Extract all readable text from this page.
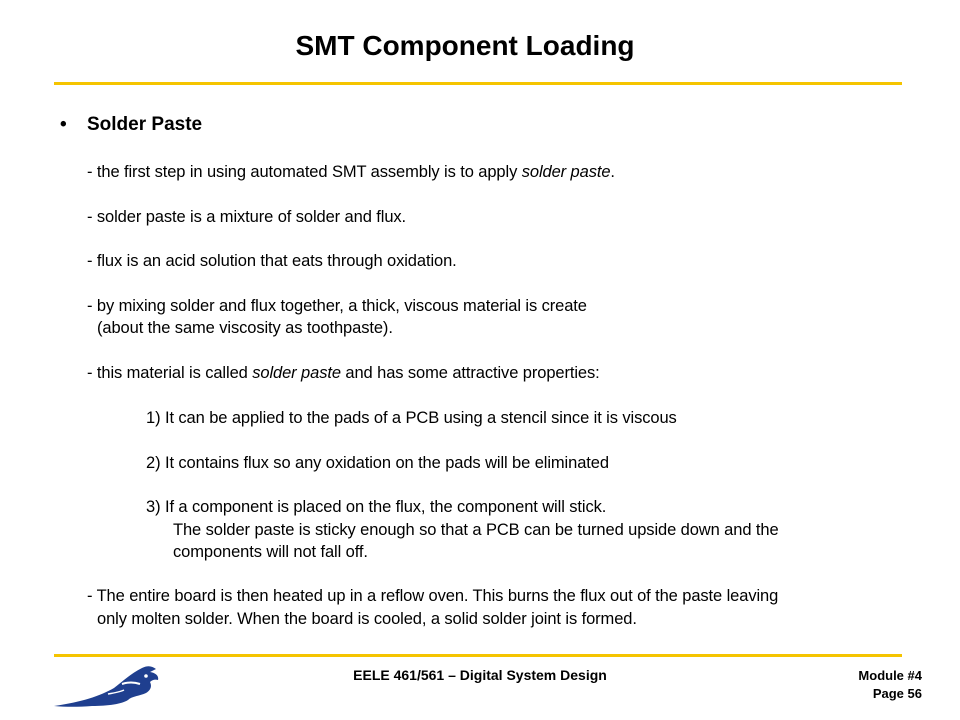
SMT Component Loading
• Solder Paste
- the first step in using automated SMT assembly is to apply solder paste.
- solder paste is a mixture of solder and flux.
- flux is an acid solution that eats through oxidation.
- by mixing solder and flux together, a thick, viscous material is create
(about the same viscosity as toothpaste).
- this material is called solder paste and has some attractive properties:
1) It can be applied to the pads of a PCB using a stencil since it is viscous
2) It contains flux so any oxidation on the pads will be eliminated
3) If a component is placed on the flux, the component will stick.
The solder paste is sticky enough so that a PCB can be turned upside down and the
components will not fall off.
- The entire board is then heated up in a reflow oven. This burns the flux out of the paste leaving
only molten solder. When the board is cooled, a solid solder joint is formed.
EELE 461/561 – Digital System Design	Module #4
Page 56
